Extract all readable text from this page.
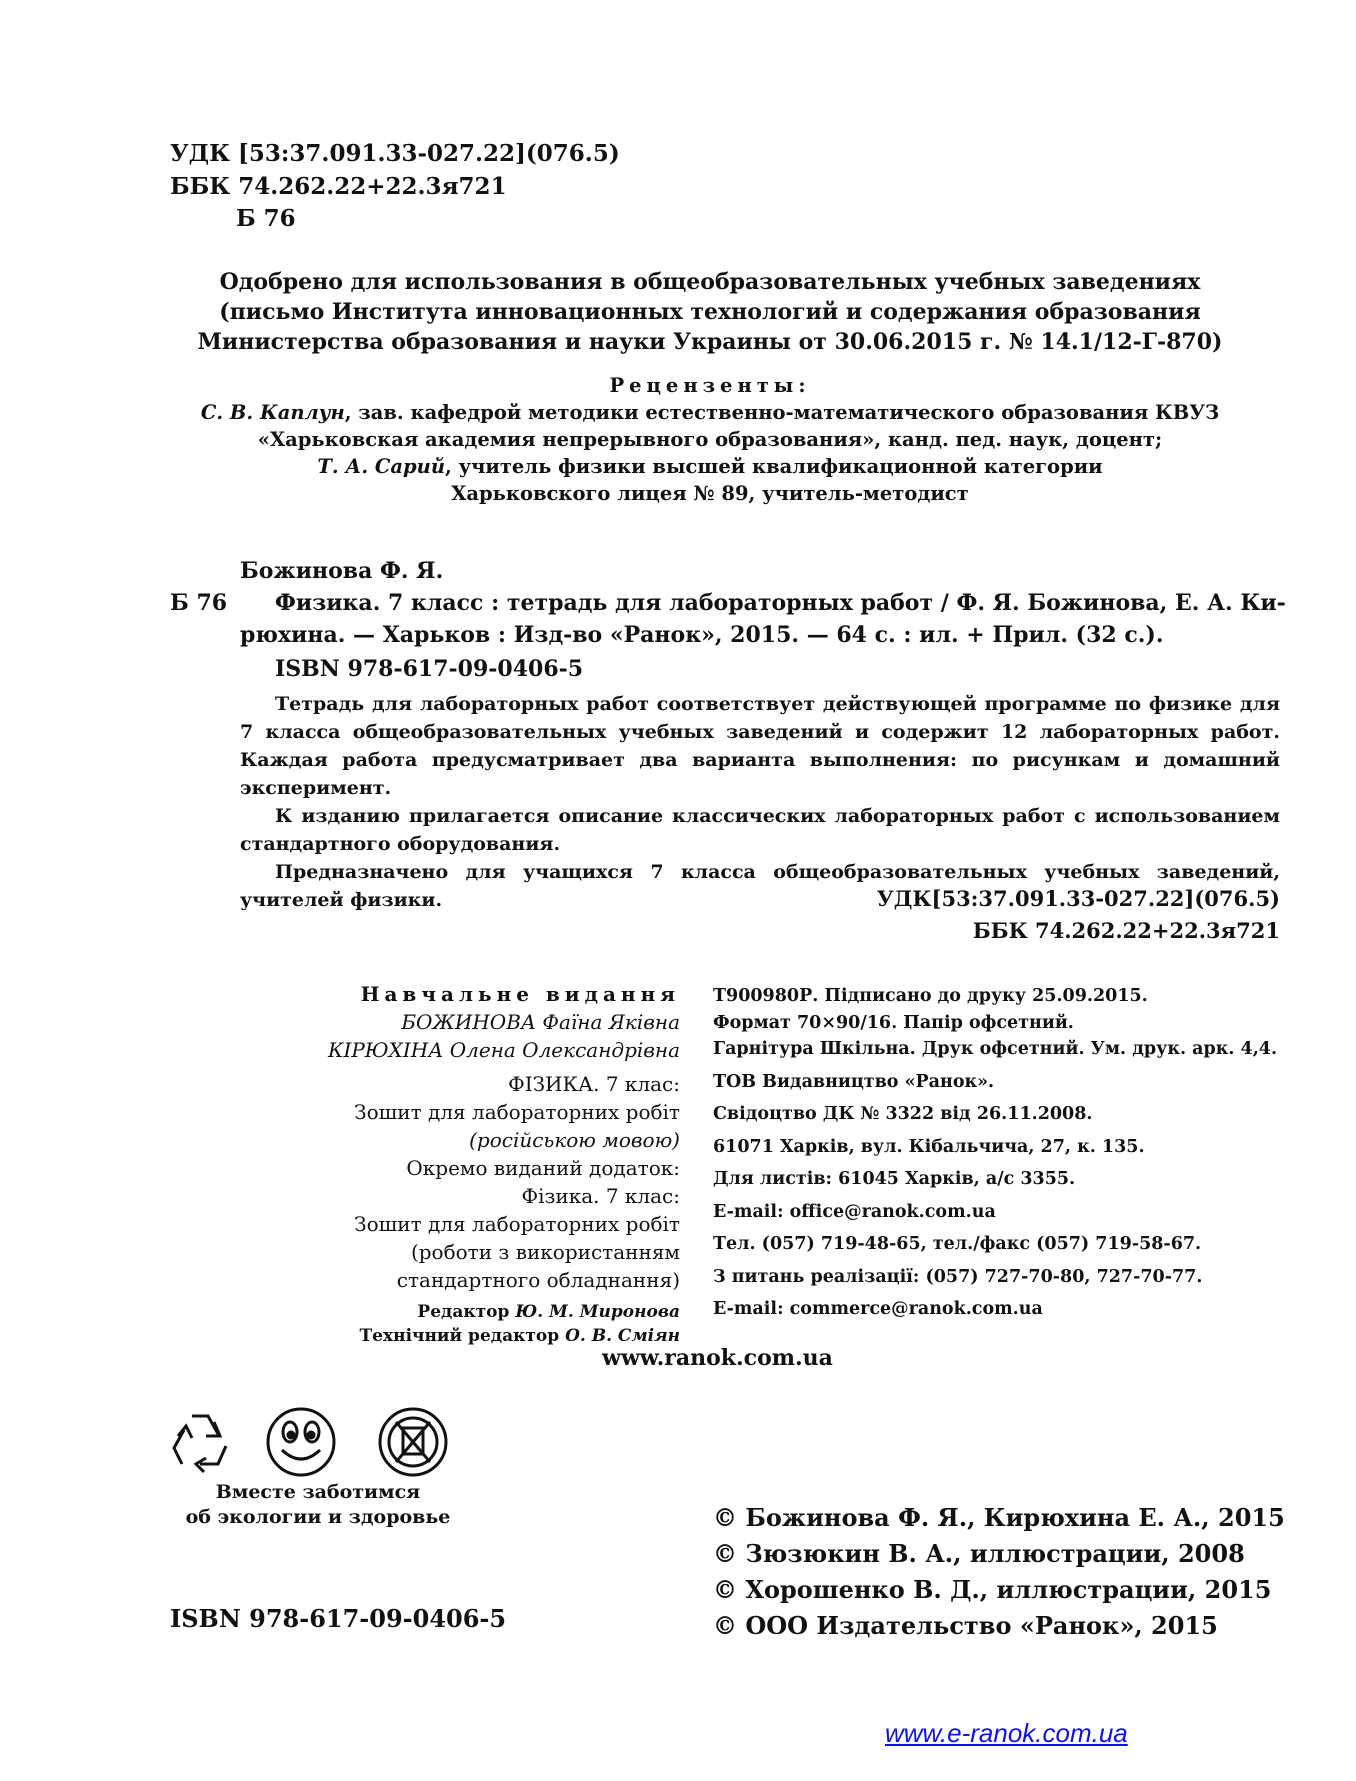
УДК [53:37.091.33-027.22](076.5)
ББК 74.262.22+22.3я721
Б 76
Одобрено для использования в общеобразовательных учебных заведениях
(письмо Института инновационных технологий и содержания образования
Министерства образования и науки Украины от 30.06.2015 г. № 14.1/12-Г-870)
Рецензенты:
С. В. Каплун, зав. кафедрой методики естественно-математического образования КВУЗ
«Харьковская академия непрерывного образования», канд. пед. наук, доцент;
Т. А. Сарий, учитель физики высшей квалификационной категории
Харьковского лицея № 89, учитель-методист
Божинова Ф. Я.
Б 76 Физика. 7 класс : тетрадь для лабораторных работ / Ф. Я. Божинова, Е. А. Ки-
рюхина. — Харьков : Изд-во «Ранок», 2015. — 64 с. : ил. + Прил. (32 с.).
ISBN 978-617-09-0406-5

Тетрадь для лабораторных работ соответствует действующей программе по физике для 7 класса общеобразовательных учебных заведений и содержит 12 лабораторных работ. Каждая работа предусматривает два варианта выполнения: по рисункам и домашний эксперимент.

К изданию прилагается описание классических лабораторных работ с использованием стандартного оборудования.

Предназначено для учащихся 7 класса общеобразовательных учебных заведений, учителей физики.	УДК[53:37.091.33-027.22](076.5)
ББК 74.262.22+22.3я721
Навчальне видання
БОЖИНОВА Фаїна Яківна
КІРЮХІНА Олена Олександрівна
ФІЗИКА. 7 клас:
Зошит для лабораторних робіт
(російською мовою)
Окремо виданий додаток:
Фізика. 7 клас:
Зошит для лабораторних робіт
(роботи з використанням
стандартного обладнання)
Редактор Ю. М. Миронова
Технічний редактор О. В. Сміян
Т900980Р. Підписано до друку 25.09.2015.
Формат 70×90/16. Папір офсетний.
Гарнітура Шкільна. Друк офсетний. Ум. друк. арк. 4,4.
ТОВ Видавництво «Ранок».
Свідоцтво ДК № 3322 від 26.11.2008.
61071 Харків, вул. Кібальчича, 27, к. 135.
Для листів: 61045 Харків, а/с 3355.
E-mail: office@ranok.com.ua
Тел. (057) 719-48-65, тел./факс (057) 719-58-67.
З питань реалізації: (057) 727-70-80, 727-70-77.
E-mail: commerce@ranok.com.ua
www.ranok.com.ua
Вместе заботимся
об экологии и здоровье	© Божинова Ф. Я., Кирюхина Е. А., 2015
© Зюзюкин В. А., иллюстрации, 2008
© Хорошенко В. Д., иллюстрации, 2015
© ООО Издательство «Ранок», 2015
ISBN 978-617-09-0406-5
www.e-ranok.com.ua
